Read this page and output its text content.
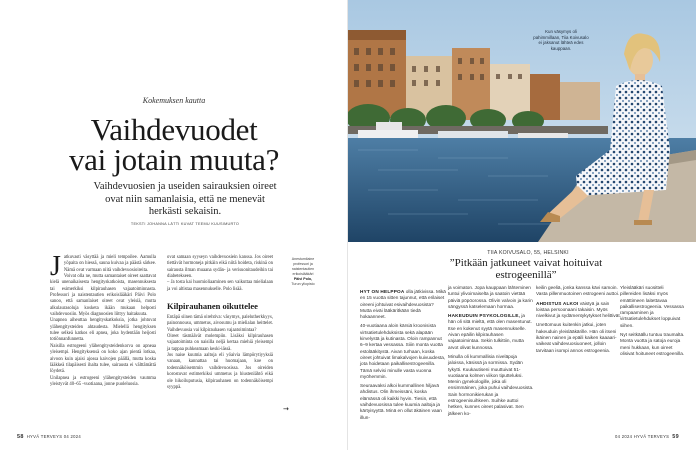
Kokemuksen kautta
Vaihdevuodet
vai jotain muuta?
Vaihdevuosien ja useiden sairauksien oireet ovat niin samanlaisia, että ne menevät herkästi sekaisin.
TEKSTI JOHANNA LÄTTI KUVAT TEEMU KUUSIMURTO

Jatkuvasti väsyttää ja mieli tempoilee. Aamulla yöpaita on hiessä, sauna kuivaa ja päästä särkee. Nämä ovat varmaan niitä vaihdevuosioireita.

Voivat olla ne, mutta samantaiset oireet saattavat kielä unenaikaisesta hengityskatkoista, masennuksesta tai esimerkiksi kilpirauhasen vajaatoiminnasta. Professori ja naistentautien erikoislääkäri Päivi Polo sanoo, että samanlaiset oireet ovat yleisiä, mutta alkulaurasoluja kosketa ikään mukaan helposti vaihdevuosiin. Myös diagnoosien liittyy haitakuuta.

Unapnea aiheuttaa hengityskatkoksia, jotka johtuvat ylähengitysteiden ahtaudesta. Mielellä hengityksen tulee selkeä katkos eli apnea, joka hydentään heijosti totiönnanfunnetta.

Naisilla estrogeeni ylähengitysteidenkorva on apneaa yleisempi. Hengityksensä on koko ajan pientä lotkaa, aivoon kuin ajaisi ajossa kaivojen päällä, mutta koska lääkkeä tilapäisesti ihalta tulee, sairausta ei välttämättä löydetä.

Unilapnea ja estrogeeni ylähengitysteiden vaumma yleistyvät 40–65 -vuotiaana, jonne puoleluosia.

ovat samaan syyseyn vaihdevuosiein kanssa. Jos oireet tiettävät hormoneja pitkäin eikä niitä hoideta, riskinä on sairausta ilman muaana sydän- ja verisuonitaudeihin tai diabetekseen.

– Ja tosta kai huomioliaaminen sen vaikuttaa mielialaan ja voi altistaa masennukselle. Polo lisää.

Kilpirauhanen oikuttelee

Entäpä siinen tämä oirehtiva: väsymys, palelutherkkyys, painonnousu, ummetus, aivosumu ja mielialan heittelet. Vaihdevuosia vai kilpirauhasen vajaatoimintaa?

Oireet täsmäävät molempiin. Lisäksi kilpirauhasen vajaatoiminta on naisilla neljä kertaa miehiä yleisempi ja tappaa puhkeamaan keski-iässä.

Jos naise kuumia aaltoja eli yöaivia lämpörytiyyksiä vanaan, kannattaa tai huomajaan, koe on todennäköisemmin vaihdevuosissa. Jos oireiden korostuvat estimerkiksi ummetus ja hiustenlähtö eikä ole hikoiluputusia, kilpirauhanen on todennäköisempi syyppä.

Anestumilaine
professori ja
naistentautien
erikoislääkäri
Päivi Polo,
Turun yliopisto
→
58 HYVÄ TERVEYS 04 2024
Kun väsymys oli pahimmillaan, Tiia Koivusalo ei jaksanut lähteä edes kauppaan.
TIIA KOIVUSALO, 55, HELSINKI
”Pitkään jatkuneet vaivat hoituivat estrogeenillä”

HYT ON HELPPOA olla jätkivissa. Mikä en 15 vuotta sitten tajunnut, että erilaiset oireeni johtuivat esivaihdevuosista? Mutta eiväi lääkäritkään tiedä hokaanneet.

40-vuotiaana aloin kärsiä kroonisista virtsatietulehduksista sekä alapään kirvelystä ja kutinasta. Oloin rampannut 6–9 kertaa vessassa. Siiin monta vuotta estolääkitystä. Aivan turhaan, koska oireet johtuivat limakalvojen kuivuudesta, jota hoidetaan paikallisestrogeenilla. Tämä selvisi minulle vasta vuonna myöhemmin.

Seuraavaksi alkoi kummallinen hiljavä ahdistus. Olin ihmeissäni, koska elämässä oli kaikki hyvin. Tiesin, että vaihdevuosissa tulee kuumia aaltoja ja kärtyisyyttä. Minä en ollut äkäinen vaan illun-

ja voimaton. Jopa kauppaan lähteminen tuntui ylivoimaiselta ja saatoin viettää päiviä pöpöorossa. Olivin valvoin ja karin sängyssä katselemaan hormaa.

HAKEUDUIN PSYKOLOGILLE, ja hän oli sitä mieltä, että olen masentunut. Itse en kokenut syytä masennukselle. Aivan epäilin kilpirauhasen vajaatoimintaa. Sekin tulkittiin, mutta arvot olivat kunnossa.

Minulla oli kummallisia niveläpoja jaloissa, käsissä ja sormissa. Sydän tykytti. Kuukautiseni muuttuivat 51-vuotiaana kolmen viikon tiputteluksi. Menin gynekologille, joka oli ensimmäinen, joka puhui vaihdevuosista. Sain hormonikierukan ja estrogeenisuihkeen. Suihke auttoi hetken, kunnes oireet palasivat. Sen jälkeen ko-

keilin geeliä, jonka kanssa kävi samoin. Vasta pillenmuotoinen estrogeeni auttoi.

AHDISTUS ALKOI väistyä ja sain loistaa persoonaani takaisin. Myös nivelkivut ja sydämentykytykset helittivät.

Unettomuus kuitenkin jatkui, joten hakeuduin yleislääkärille. Hän oli itseni ikäinen nainen ja epäili kaiken kaaaari-vaikeat vaihdevuosiuoneet, jolloin tarvitaan isompi annos estrogeenia.

Yleislääkäri suositteli pillereiden lisäksi myös emättimeen laitettavaa paikallisestrogeenia. Vessassa rampaaminen ja virtsatietulehdukset loppuivat siihen.

Nyt seitkäällu tuntuu traumalta. Monta vuotta ja satoja euroja meni hukkaan, kun oireet olisivat hoituneet estrogeenilla.

04 2024 HYVÄ TERVEYS 59
